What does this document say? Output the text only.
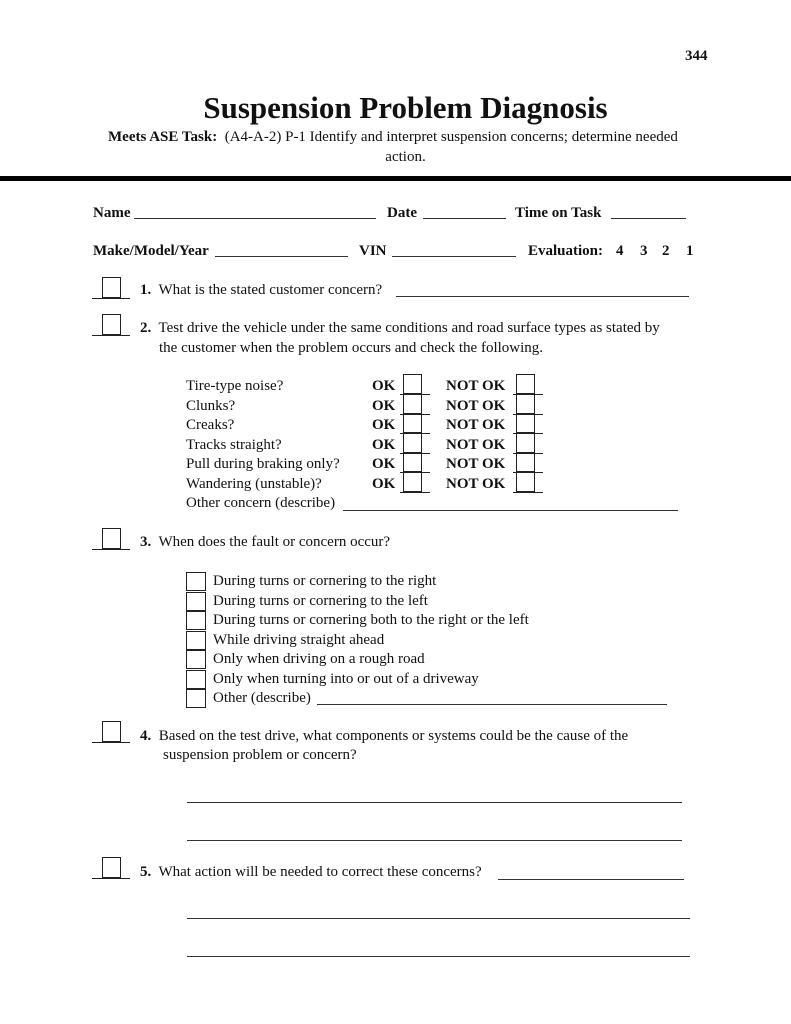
344
Suspension Problem Diagnosis
Meets ASE Task: (A4-A-2) P-1 Identify and interpret suspension concerns; determine needed
action.
Name	Date	Time on Task
Make/Model/Year	VIN	Evaluation: 4 3 2 1
1. What is the stated customer concern?
2. Test drive the vehicle under the same conditions and road surface types as stated by
the customer when the problem occurs and check the following.
Tire-type noise?	OK	NOT OK
Clunks?	OK	NOT OK
Creaks?	OK	NOT OK
Tracks straight?	OK	NOT OK
Pull during braking only? OK	NOT OK
Wandering (unstable)?	OK	NOT OK
Other concern (describe)
3. When does the fault or concern occur?
During turns or cornering to the right
During turns or cornering to the left
During turns or cornering both to the right or the left
While driving straight ahead
Only when driving on a rough road
Only when turning into or out of a driveway
Other (describe)
4. Based on the test drive, what components or systems could be the cause of the
suspension problem or concern?
5. What action will be needed to correct these concerns?
